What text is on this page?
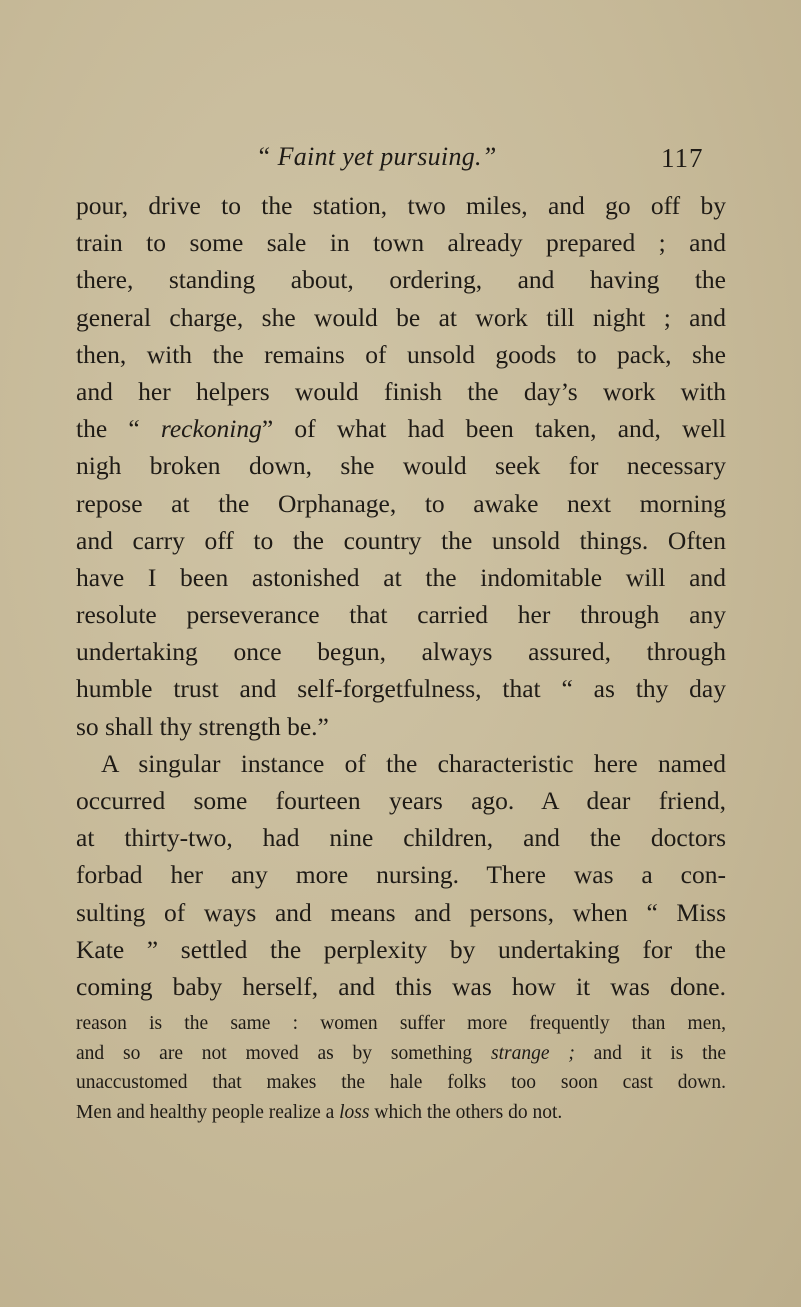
“ Faint yet pursuing.”	117
pour, drive to the station, two miles, and go off by
train to some sale in town already prepared ; and
there, standing about, ordering, and having the
general charge, she would be at work till night ; and
then, with the remains of unsold goods to pack, she
and her helpers would finish the day’s work with
the “ reckoning” of what had been taken, and, well
nigh broken down, she would seek for necessary
repose at the Orphanage, to awake next morning
and carry off to the country the unsold things. Often
have I been astonished at the indomitable will and
resolute perseverance that carried her through any
undertaking once begun, always assured, through
humble trust and self-forgetfulness, that “ as thy day
so shall thy strength be.”
A singular instance of the characteristic here named
occurred some fourteen years ago. A dear friend,
at thirty-two, had nine children, and the doctors
forbad her any more nursing. There was a con-
sulting of ways and means and persons, when “ Miss
Kate ” settled the perplexity by undertaking for the
coming baby herself, and this was how it was done.
reason is the same : women suffer more frequently than men,
and so are not moved as by something strange ; and it is the
unaccustomed that makes the hale folks too soon cast down.
Men and healthy people realize a loss which the others do not.
